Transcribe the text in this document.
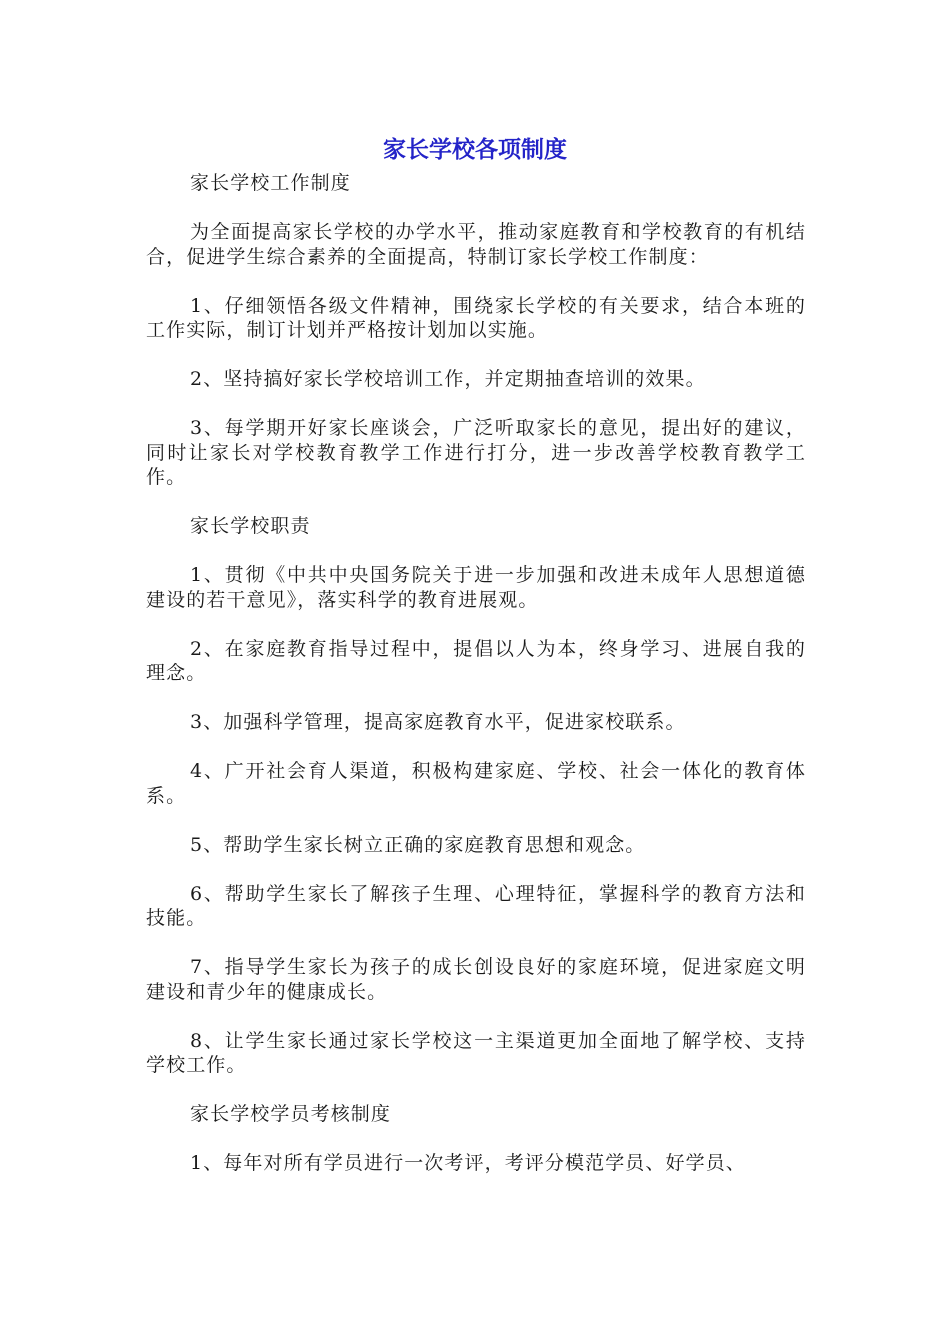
家长学校各项制度

家长学校工作制度

为全面提高家长学校的办学水平，推动家庭教育和学校教育的有机结合，促进学生综合素养的全面提高，特制订家长学校工作制度：

1、仔细领悟各级文件精神，围绕家长学校的有关要求，结合本班的工作实际，制订计划并严格按计划加以实施。

2、坚持搞好家长学校培训工作，并定期抽查培训的效果。

3、每学期开好家长座谈会，广泛听取家长的意见，提出好的建议，同时让家长对学校教育教学工作进行打分，进一步改善学校教育教学工作。

家长学校职责

1、贯彻《中共中央国务院关于进一步加强和改进未成年人思想道德建设的若干意见》，落实科学的教育进展观。

2、在家庭教育指导过程中，提倡以人为本，终身学习、进展自我的理念。

3、加强科学管理，提高家庭教育水平，促进家校联系。

4、广开社会育人渠道，积极构建家庭、学校、社会一体化的教育体系。

5、帮助学生家长树立正确的家庭教育思想和观念。

6、帮助学生家长了解孩子生理、心理特征，掌握科学的教育方法和技能。

7、指导学生家长为孩子的成长创设良好的家庭环境，促进家庭文明建设和青少年的健康成长。

8、让学生家长通过家长学校这一主渠道更加全面地了解学校、支持学校工作。

家长学校学员考核制度

1、每年对所有学员进行一次考评，考评分模范学员、好学员、
